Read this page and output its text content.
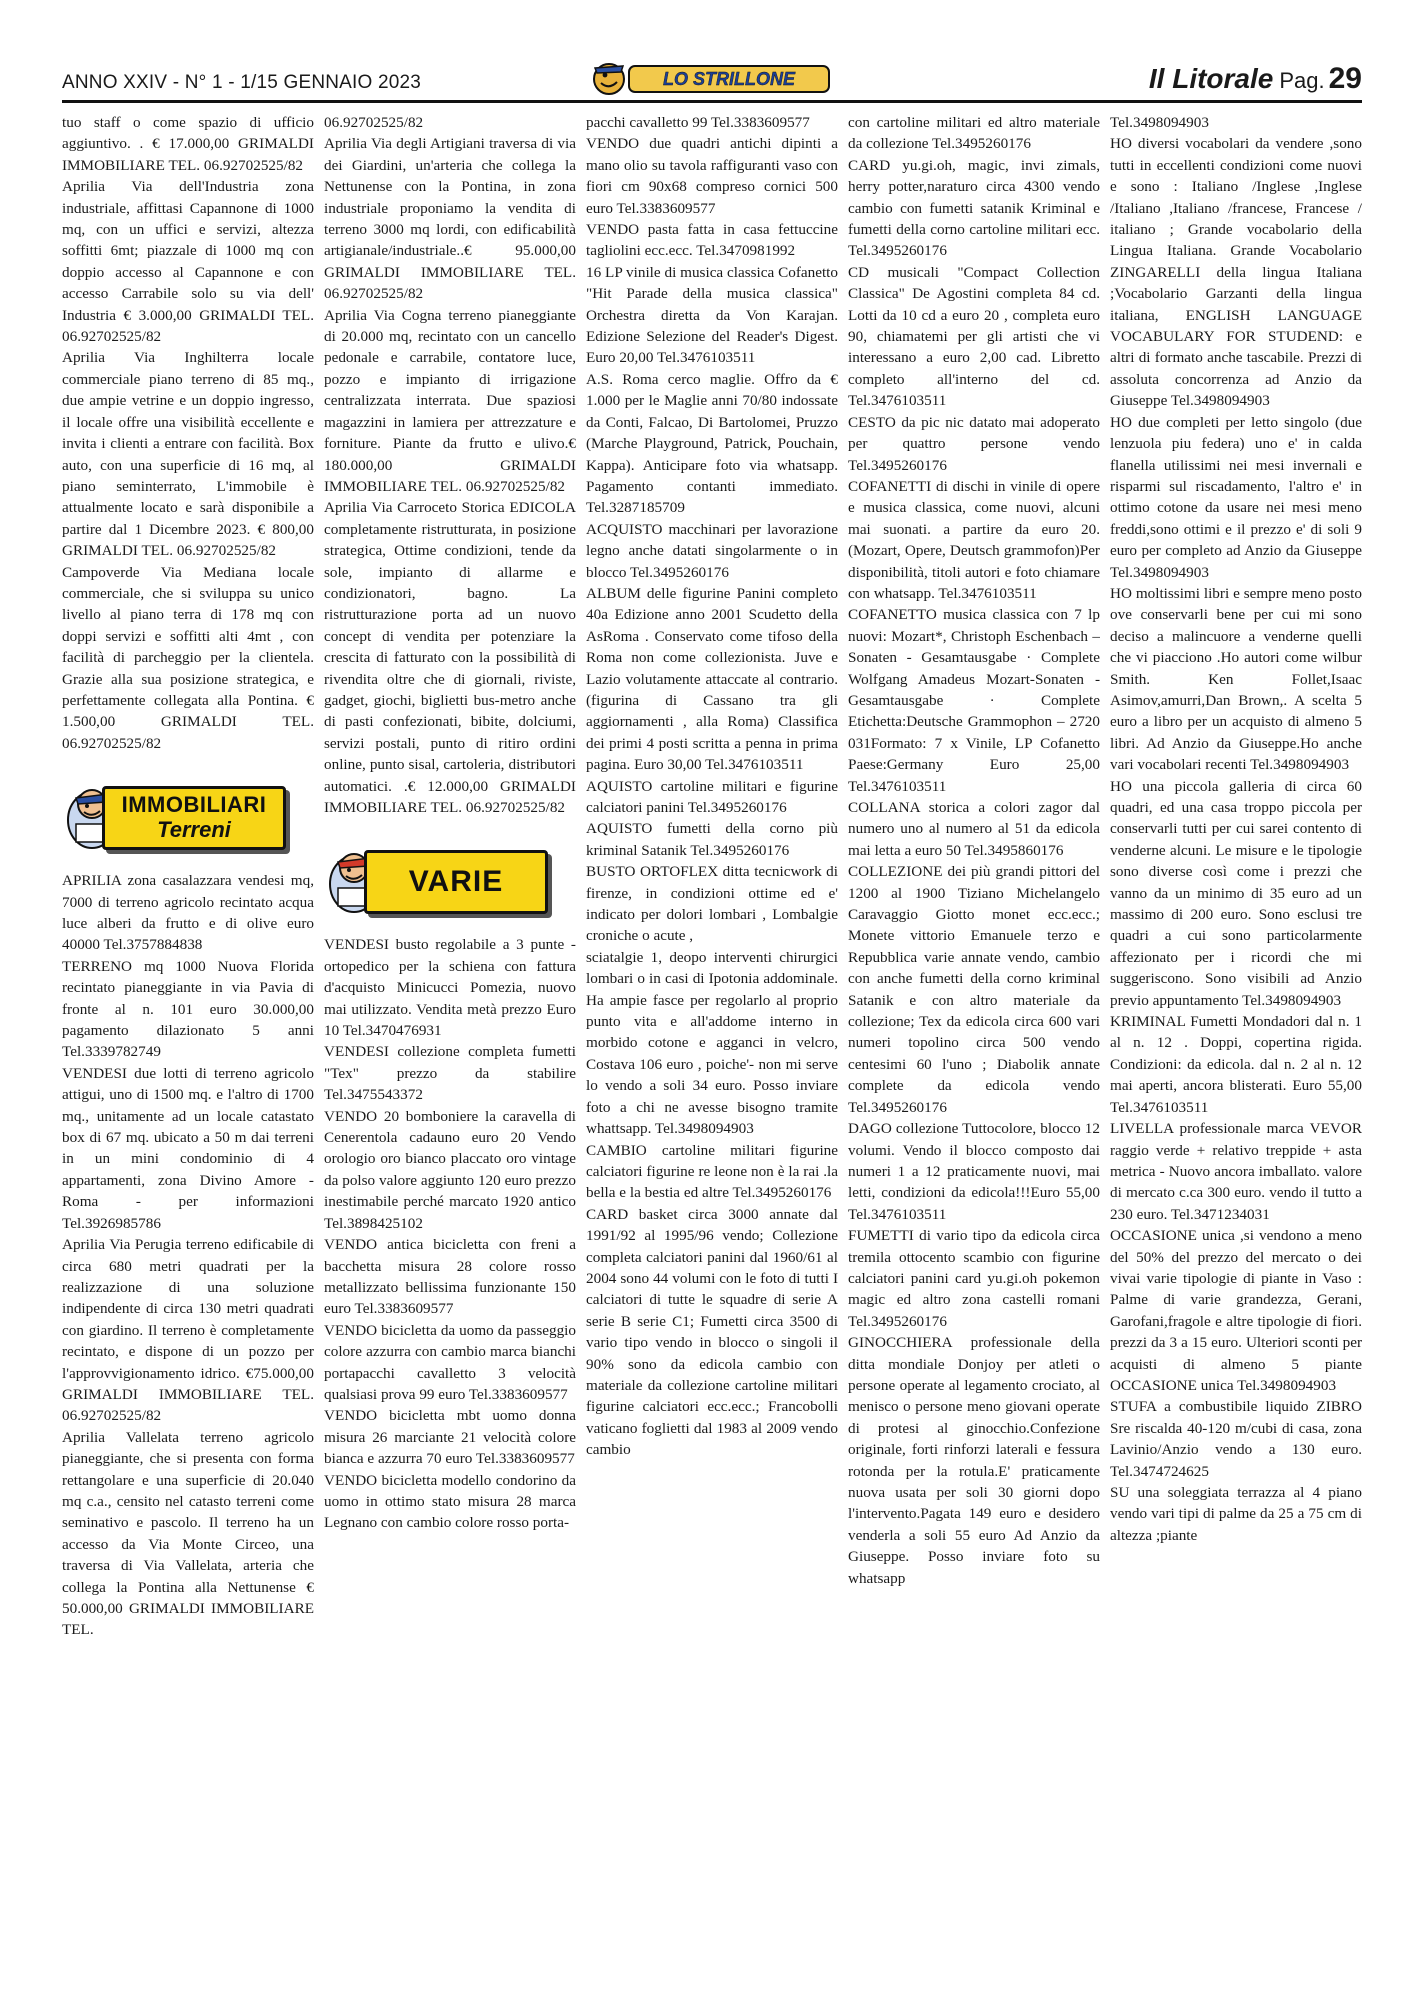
ANNO XXIV - N° 1 - 1/15 GENNAIO 2023	LO STRILLONE	Il Litorale Pag. 29

tuo staff o come spazio di ufficio aggiuntivo. . € 17.000,00 GRIMALDI IMMOBILIARE TEL. 06.92702525/82

Aprilia Via dell'Industria zona industriale, affittasi Capannone di 1000 mq, con un uffici e servizi, altezza soffitti 6mt; piazzale di 1000 mq con doppio accesso al Capannone e con accesso Carrabile solo su via dell' Industria € 3.000,00 GRIMALDI TEL. 06.92702525/82

Aprilia Via Inghilterra locale commerciale piano terreno di 85 mq., due ampie vetrine e un doppio ingresso, il locale offre una visibilità eccellente e invita i clienti a entrare con facilità. Box auto, con una superficie di 16 mq, al piano seminterrato, L'immobile è attualmente locato e sarà disponibile a partire dal 1 Dicembre 2023. € 800,00 GRIMALDI TEL. 06.92702525/82

Campoverde Via Mediana locale commerciale, che si sviluppa su unico livello al piano terra di 178 mq con doppi servizi e soffitti alti 4mt , con facilità di parcheggio per la clientela. Grazie alla sua posizione strategica, e perfettamente collegata alla Pontina. € 1.500,00 GRIMALDI TEL. 06.92702525/82

IMMOBILIARI
Terreni

APRILIA zona casalazzara vendesi mq, 7000 di terreno agricolo recintato acqua luce alberi da frutto e di olive euro 40000 Tel.3757884838

TERRENO mq 1000 Nuova Florida recintato pianeggiante in via Pavia di fronte al n. 101 euro 30.000,00 pagamento dilazionato 5 anni Tel.3339782749

VENDESI due lotti di terreno agricolo attigui, uno di 1500 mq. e l'altro di 1700 mq., unitamente ad un locale catastato box di 67 mq. ubicato a 50 m dai terreni in un mini condominio di 4 appartamenti, zona Divino Amore - Roma - per informazioni Tel.3926985786

Aprilia Via Perugia terreno edificabile di circa 680 metri quadrati per la realizzazione di una soluzione indipendente di circa 130 metri quadrati con giardino. Il terreno è completamente recintato, e dispone di un pozzo per l'approvvigionamento idrico. €75.000,00 GRIMALDI IMMOBILIARE TEL. 06.92702525/82

Aprilia Vallelata terreno agricolo pianeggiante, che si presenta con forma rettangolare e una superficie di 20.040 mq c.a., censito nel catasto terreni come seminativo e pascolo. Il terreno ha un accesso da Via Monte Circeo, una traversa di Via Vallelata, arteria che collega la Pontina alla Nettunense € 50.000,00 GRIMALDI IMMOBILIARE TEL.

06.92702525/82

Aprilia Via degli Artigiani traversa di via dei Giardini, un'arteria che collega la Nettunense con la Pontina, in zona industriale proponiamo la vendita di terreno 3000 mq lordi, con edificabilità artigianale/industriale..€ 95.000,00 GRIMALDI IMMOBILIARE TEL. 06.92702525/82

Aprilia Via Cogna terreno pianeggiante di 20.000 mq, recintato con un cancello pedonale e carrabile, contatore luce, pozzo e impianto di irrigazione centralizzata interrata. Due spaziosi magazzini in lamiera per attrezzature e forniture. Piante da frutto e ulivo.€ 180.000,00 GRIMALDI IMMOBILIARE TEL. 06.92702525/82

Aprilia Via Carroceto Storica EDICOLA completamente ristrutturata, in posizione strategica, Ottime condizioni, tende da sole, impianto di allarme e condizionatori, bagno. La ristrutturazione porta ad un nuovo concept di vendita per potenziare la crescita di fatturato con la possibilità di rivendita oltre che di giornali, riviste, gadget, giochi, biglietti bus-metro anche di pasti confezionati, bibite, dolciumi, servizi postali, punto di ritiro ordini online, punto sisal, cartoleria, distributori automatici. .€ 12.000,00 GRIMALDI IMMOBILIARE TEL. 06.92702525/82

VARIE

VENDESI busto regolabile a 3 punte - ortopedico per la schiena con fattura d'acquisto Minicucci Pomezia, nuovo mai utilizzato. Vendita metà prezzo Euro 10 Tel.3470476931

VENDESI collezione completa fumetti "Tex" prezzo da stabilire Tel.3475543372

VENDO 20 bomboniere la caravella di Cenerentola cadauno euro 20 Vendo orologio oro bianco placcato oro vintage da polso valore aggiunto 120 euro prezzo inestimabile perché marcato 1920 antico Tel.3898425102

VENDO antica bicicletta con freni a bacchetta misura 28 colore rosso metallizzato bellissima funzionante 150 euro Tel.3383609577

VENDO bicicletta da uomo da passeggio colore azzurra con cambio marca bianchi portapacchi cavalletto 3 velocità qualsiasi prova 99 euro Tel.3383609577

VENDO bicicletta mbt uomo donna misura 26 marciante 21 velocità colore bianca e azzurra 70 euro Tel.3383609577

VENDO bicicletta modello condorino da uomo in ottimo stato misura 28 marca Legnano con cambio colore rosso porta-

pacchi cavalletto 99 Tel.3383609577

VENDO due quadri antichi dipinti a mano olio su tavola raffiguranti vaso con fiori cm 90x68 compreso cornici 500 euro Tel.3383609577

VENDO pasta fatta in casa fettuccine tagliolini ecc.ecc. Tel.3470981992

16 LP vinile di musica classica Cofanetto "Hit Parade della musica classica" Orchestra diretta da Von Karajan. Edizione Selezione del Reader's Digest. Euro 20,00 Tel.3476103511

A.S. Roma cerco maglie. Offro da € 1.000 per le Maglie anni 70/80 indossate da Conti, Falcao, Di Bartolomei, Pruzzo (Marche Playground, Patrick, Pouchain, Kappa). Anticipare foto via whatsapp. Pagamento contanti immediato. Tel.3287185709

ACQUISTO macchinari per lavorazione legno anche datati singolarmente o in blocco Tel.3495260176

ALBUM delle figurine Panini completo 40a Edizione anno 2001 Scudetto della AsRoma . Conservato come tifoso della Roma non come collezionista. Juve e Lazio volutamente attaccate al contrario. (figurina di Cassano tra gli aggiornamenti , alla Roma) Classifica dei primi 4 posti scritta a penna in prima pagina. Euro 30,00 Tel.3476103511

AQUISTO cartoline militari e figurine calciatori panini Tel.3495260176

AQUISTO fumetti della corno più kriminal Satanik Tel.3495260176

BUSTO ORTOFLEX ditta tecnicwork di firenze, in condizioni ottime ed e' indicato per dolori lombari , Lombalgie croniche o acute ,

sciatalgie 1, deopo interventi chirurgici lombari o in casi di Ipotonia addominale. Ha ampie fasce per regolarlo al proprio punto vita e all'addome interno in morbido cotone e agganci in velcro, Costava 106 euro , poiche'- non mi serve lo vendo a soli 34 euro. Posso inviare foto a chi ne avesse bisogno tramite whattsapp. Tel.3498094903

CAMBIO cartoline militari figurine calciatori figurine re leone non è la rai .la bella e la bestia ed altre Tel.3495260176

CARD basket circa 3000 annate dal 1991/92 al 1995/96 vendo; Collezione completa calciatori panini dal 1960/61 al 2004 sono 44 volumi con le foto di tutti I calciatori di tutte le squadre di serie A serie B serie C1; Fumetti circa 3500 di vario tipo vendo in blocco o singoli il 90% sono da edicola cambio con materiale da collezione cartoline militari figurine calciatori ecc.ecc.; Francobolli vaticano foglietti dal 1983 al 2009 vendo cambio

con cartoline militari ed altro materiale da collezione Tel.3495260176

CARD yu.gi.oh, magic, invi zimals, herry potter,naraturo circa 4300 vendo cambio con fumetti satanik Kriminal e fumetti della corno cartoline militari ecc. Tel.3495260176

CD musicali "Compact Collection Classica" De Agostini completa 84 cd. Lotti da 10 cd a euro 20 , completa euro 90, chiamatemi per gli artisti che vi interessano a euro 2,00 cad. Libretto completo all'interno del cd. Tel.3476103511

CESTO da pic nic datato mai adoperato per quattro persone vendo Tel.3495260176

COFANETTI di dischi in vinile di opere e musica classica, come nuovi, alcuni mai suonati. a partire da euro 20. (Mozart, Opere, Deutsch grammofon)Per disponibilità, titoli autori e foto chiamare con whatsapp. Tel.3476103511

COFANETTO musica classica con 7 lp nuovi: Mozart*, Christoph Eschenbach – Sonaten - Gesamtausgabe · Complete Wolfgang Amadeus Mozart-Sonaten - Gesamtausgabe · Complete Etichetta:Deutsche Grammophon – 2720 031Formato: 7 x Vinile, LP Cofanetto Paese:Germany Euro 25,00 Tel.3476103511

COLLANA storica a colori zagor dal numero uno al numero al 51 da edicola mai letta a euro 50 Tel.3495860176

COLLEZIONE dei più grandi pittori del 1200 al 1900 Tiziano Michelangelo Caravaggio Giotto monet ecc.ecc.; Monete vittorio Emanuele terzo e Repubblica varie annate vendo, cambio con anche fumetti della corno kriminal Satanik e con altro materiale da collezione; Tex da edicola circa 600 vari numeri topolino circa 500 vendo centesimi 60 l'uno ; Diabolik annate complete da edicola vendo Tel.3495260176

DAGO collezione Tuttocolore, blocco 12 volumi. Vendo il blocco composto dai numeri 1 a 12 praticamente nuovi, mai letti, condizioni da edicola!!!Euro 55,00 Tel.3476103511

FUMETTI di vario tipo da edicola circa tremila ottocento scambio con figurine calciatori panini card yu.gi.oh pokemon magic ed altro zona castelli romani Tel.3495260176

GINOCCHIERA professionale della ditta mondiale Donjoy per atleti o persone operate al legamento crociato, al menisco o persone meno giovani operate di protesi al ginocchio.Confezione originale, forti rinforzi laterali e fessura rotonda per la rotula.E' praticamente nuova usata per soli 30 giorni dopo l'intervento.Pagata 149 euro e desidero venderla a soli 55 euro Ad Anzio da Giuseppe. Posso inviare foto su whatsapp

Tel.3498094903

HO diversi vocabolari da vendere ,sono tutti in eccellenti condizioni come nuovi e sono : Italiano /Inglese ,Inglese /Italiano ,Italiano /francese, Francese / italiano ; Grande vocabolario della Lingua Italiana. Grande Vocabolario ZINGARELLI della lingua Italiana ;Vocabolario Garzanti della lingua italiana, ENGLISH LANGUAGE VOCABULARY FOR STUDEND: e altri di formato anche tascabile. Prezzi di assoluta concorrenza ad Anzio da Giuseppe Tel.3498094903

HO due completi per letto singolo (due lenzuola piu federa) uno e' in calda flanella utilissimi nei mesi invernali e risparmi sul riscadamento, l'altro e' in ottimo cotone da usare nei mesi meno freddi,sono ottimi e il prezzo e' di soli 9 euro per completo ad Anzio da Giuseppe Tel.3498094903

HO moltissimi libri e sempre meno posto ove conservarli bene per cui mi sono deciso a malincuore a venderne quelli che vi piacciono .Ho autori come wilbur Smith. Ken Follet,Isaac Asimov,amurri,Dan Brown,. A scelta 5 euro a libro per un acquisto di almeno 5 libri. Ad Anzio da Giuseppe.Ho anche vari vocabolari recenti Tel.3498094903

HO una piccola galleria di circa 60 quadri, ed una casa troppo piccola per conservarli tutti per cui sarei contento di venderne alcuni. Le misure e le tipologie sono diverse così come i prezzi che vanno da un minimo di 35 euro ad un massimo di 200 euro. Sono esclusi tre quadri a cui sono particolarmente affezionato per i ricordi che mi suggeriscono. Sono visibili ad Anzio previo appuntamento Tel.3498094903

KRIMINAL Fumetti Mondadori dal n. 1 al n. 12 . Doppi, copertina rigida. Condizioni: da edicola. dal n. 2 al n. 12 mai aperti, ancora blisterati. Euro 55,00 Tel.3476103511

LIVELLA professionale marca VEVOR raggio verde + relativo treppide + asta metrica - Nuovo ancora imballato. valore di mercato c.ca 300 euro. vendo il tutto a 230 euro. Tel.3471234031

OCCASIONE unica ,si vendono a meno del 50% del prezzo del mercato o dei vivai varie tipologie di piante in Vaso : Palme di varie grandezza, Gerani, Garofani,fragole e altre tipologie di fiori. prezzi da 3 a 15 euro. Ulteriori sconti per acquisti di almeno 5 piante OCCASIONE unica Tel.3498094903

STUFA a combustibile liquido ZIBRO Sre riscalda 40-120 m/cubi di casa, zona Lavinio/Anzio vendo a 130 euro. Tel.3474724625

SU una soleggiata terrazza al 4 piano vendo vari tipi di palme da 25 a 75 cm di altezza ;piante
